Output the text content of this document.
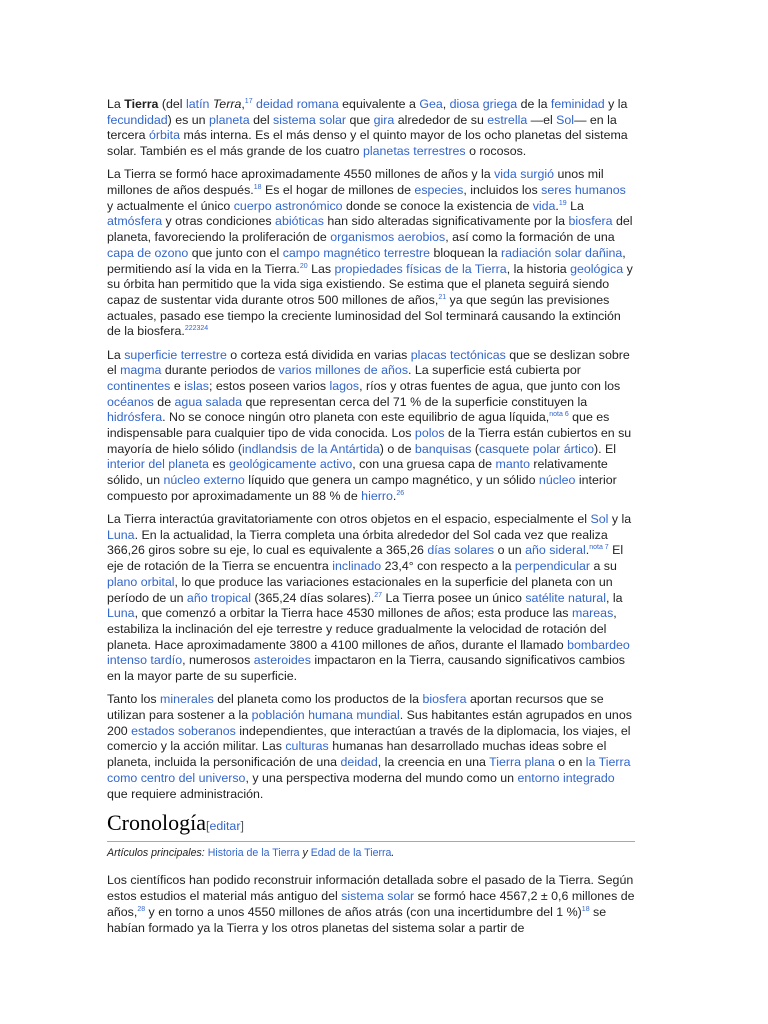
La Tierra (del latín Terra,$^{17}$ deidad romana equivalente a Gea, diosa griega de la feminidad y la fecundidad) es un planeta del sistema solar que gira alrededor de su estrella —el Sol— en la tercera órbita más interna. Es el más denso y el quinto mayor de los ocho planetas del sistema solar. También es el más grande de los cuatro planetas terrestres o rocosos.

La Tierra se formó hace aproximadamente 4550 millones de años y la vida surgió unos mil millones de años después.$^{18}$ Es el hogar de millones de especies, incluidos los seres humanos y actualmente el único cuerpo astronómico donde se conoce la existencia de vida.$^{19}$ La atmósfera y otras condiciones abióticas han sido alteradas significativamente por la biosfera del planeta, favoreciendo la proliferación de organismos aerobios, así como la formación de una capa de ozono que junto con el campo magnético terrestre bloquean la radiación solar dañina, permitiendo así la vida en la Tierra.$^{20}$ Las propiedades físicas de la Tierra, la historia geológica y su órbita han permitido que la vida siga existiendo. Se estima que el planeta seguirá siendo capaz de sustentar vida durante otros 500 millones de años,$^{21}$ ya que según las previsiones actuales, pasado ese tiempo la creciente luminosidad del Sol terminará causando la extinción de la biosfera.$^{222324}$

La superficie terrestre o corteza está dividida en varias placas tectónicas que se deslizan sobre el magma durante periodos de varios millones de años. La superficie está cubierta por continentes e islas; estos poseen varios lagos, ríos y otras fuentes de agua, que junto con los océanos de agua salada que representan cerca del 71 % de la superficie constituyen la hidrósfera. No se conoce ningún otro planeta con este equilibrio de agua líquida,$^{nota 6}$ que es indispensable para cualquier tipo de vida conocida. Los polos de la Tierra están cubiertos en su mayoría de hielo sólido (indlandsis de la Antártida) o de banquisas (casquete polar ártico). El interior del planeta es geológicamente activo, con una gruesa capa de manto relativamente sólido, un núcleo externo líquido que genera un campo magnético, y un sólido núcleo interior compuesto por aproximadamente un 88 % de hierro.$^{26}$

La Tierra interactúa gravitatoriamente con otros objetos en el espacio, especialmente el Sol y la Luna. En la actualidad, la Tierra completa una órbita alrededor del Sol cada vez que realiza 366,26 giros sobre su eje, lo cual es equivalente a 365,26 días solares o un año sideral.$^{nota 7}$ El eje de rotación de la Tierra se encuentra inclinado 23,4° con respecto a la perpendicular a su plano orbital, lo que produce las variaciones estacionales en la superficie del planeta con un período de un año tropical (365,24 días solares).$^{27}$ La Tierra posee un único satélite natural, la Luna, que comenzó a orbitar la Tierra hace 4530 millones de años; esta produce las mareas, estabiliza la inclinación del eje terrestre y reduce gradualmente la velocidad de rotación del planeta. Hace aproximadamente 3800 a 4100 millones de años, durante el llamado bombardeo intenso tardío, numerosos asteroides impactaron en la Tierra, causando significativos cambios en la mayor parte de su superficie.

Tanto los minerales del planeta como los productos de la biosfera aportan recursos que se utilizan para sostener a la población humana mundial. Sus habitantes están agrupados en unos 200 estados soberanos independientes, que interactúan a través de la diplomacia, los viajes, el comercio y la acción militar. Las culturas humanas han desarrollado muchas ideas sobre el planeta, incluida la personificación de una deidad, la creencia en una Tierra plana o en la Tierra como centro del universo, y una perspectiva moderna del mundo como un entorno integrado que requiere administración.

Cronología[editar]
Artículos principales: Historia de la Tierra y Edad de la Tierra.

Los científicos han podido reconstruir información detallada sobre el pasado de la Tierra. Según estos estudios el material más antiguo del sistema solar se formó hace 4567,2 ± 0,6 millones de años,$^{28}$ y en torno a unos 4550 millones de años atrás (con una incertidumbre del 1 %)$^{18}$ se habían formado ya la Tierra y los otros planetas del sistema solar a partir de
